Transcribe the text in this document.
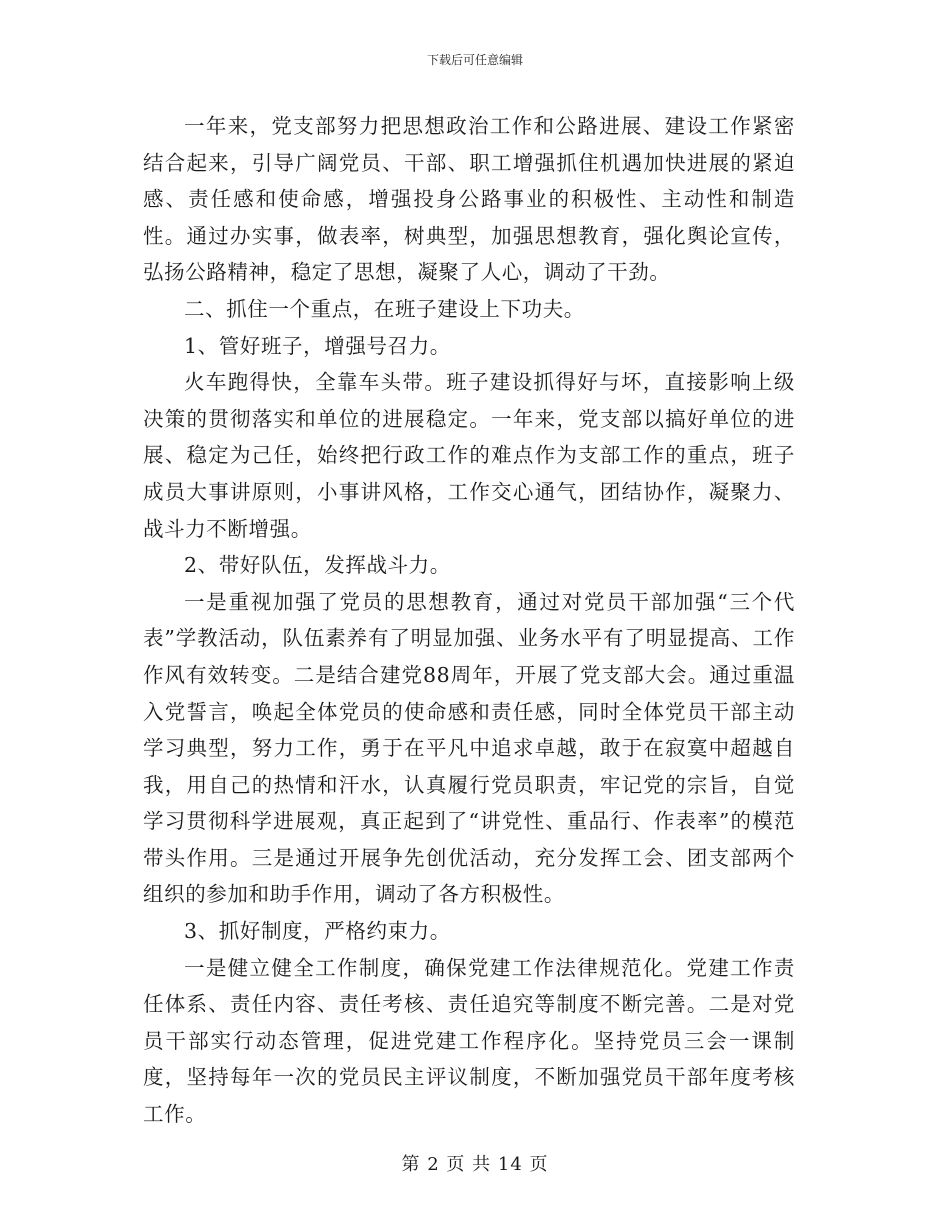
下载后可任意编辑

一年来，党支部努力把思想政治工作和公路进展、建设工作紧密结合起来，引导广阔党员、干部、职工增强抓住机遇加快进展的紧迫感、责任感和使命感，增强投身公路事业的积极性、主动性和制造性。通过办实事，做表率，树典型，加强思想教育，强化舆论宣传，弘扬公路精神，稳定了思想，凝聚了人心，调动了干劲。

二、抓住一个重点，在班子建设上下功夫。

1、管好班子，增强号召力。

火车跑得快，全靠车头带。班子建设抓得好与坏，直接影响上级决策的贯彻落实和单位的进展稳定。一年来，党支部以搞好单位的进展、稳定为己任，始终把行政工作的难点作为支部工作的重点，班子成员大事讲原则，小事讲风格，工作交心通气，团结协作，凝聚力、战斗力不断增强。

2、带好队伍，发挥战斗力。

一是重视加强了党员的思想教育，通过对党员干部加强“三个代表”学教活动，队伍素养有了明显加强、业务水平有了明显提高、工作作风有效转变。二是结合建党88周年，开展了党支部大会。通过重温入党誓言，唤起全体党员的使命感和责任感，同时全体党员干部主动学习典型，努力工作，勇于在平凡中追求卓越，敢于在寂寞中超越自我，用自己的热情和汗水，认真履行党员职责，牢记党的宗旨，自觉学习贯彻科学进展观，真正起到了“讲党性、重品行、作表率”的模范带头作用。三是通过开展争先创优活动，充分发挥工会、团支部两个组织的参加和助手作用，调动了各方积极性。

3、抓好制度，严格约束力。

一是健立健全工作制度，确保党建工作法律规范化。党建工作责任体系、责任内容、责任考核、责任追究等制度不断完善。二是对党员干部实行动态管理，促进党建工作程序化。坚持党员三会一课制度，坚持每年一次的党员民主评议制度，不断加强党员干部年度考核工作。

第 2 页 共 14 页
